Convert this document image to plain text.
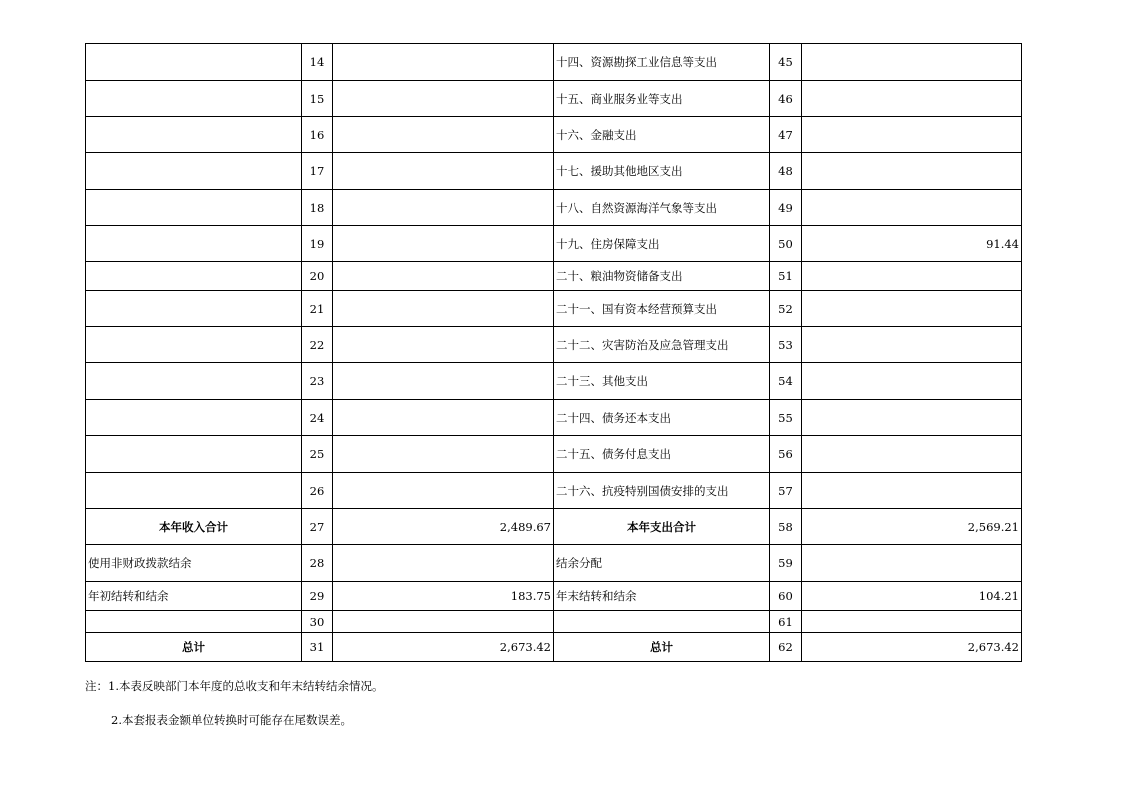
	14		十四、资源勘探工业信息等支出	45	
	15		十五、商业服务业等支出	46	
	16		十六、金融支出	47	
	17		十七、援助其他地区支出	48	
	18		十八、自然资源海洋气象等支出	49	
	19		十九、住房保障支出	50	91.44
	20		二十、粮油物资储备支出	51	
	21		二十一、国有资本经营预算支出	52	
	22		二十二、灾害防治及应急管理支出	53	
	23		二十三、其他支出	54	
	24		二十四、债务还本支出	55	
	25		二十五、债务付息支出	56	
	26		二十六、抗疫特别国债安排的支出	57	
本年收入合计	27	2,489.67	本年支出合计	58	2,569.21
使用非财政拨款结余	28		结余分配	59	
年初结转和结余	29	183.75	年末结转和结余	60	104.21
	30			61	
总计	31	2,673.42	总计	62	2,673.42
注：1.本表反映部门本年度的总收支和年末结转结余情况。
2.本套报表金额单位转换时可能存在尾数误差。
